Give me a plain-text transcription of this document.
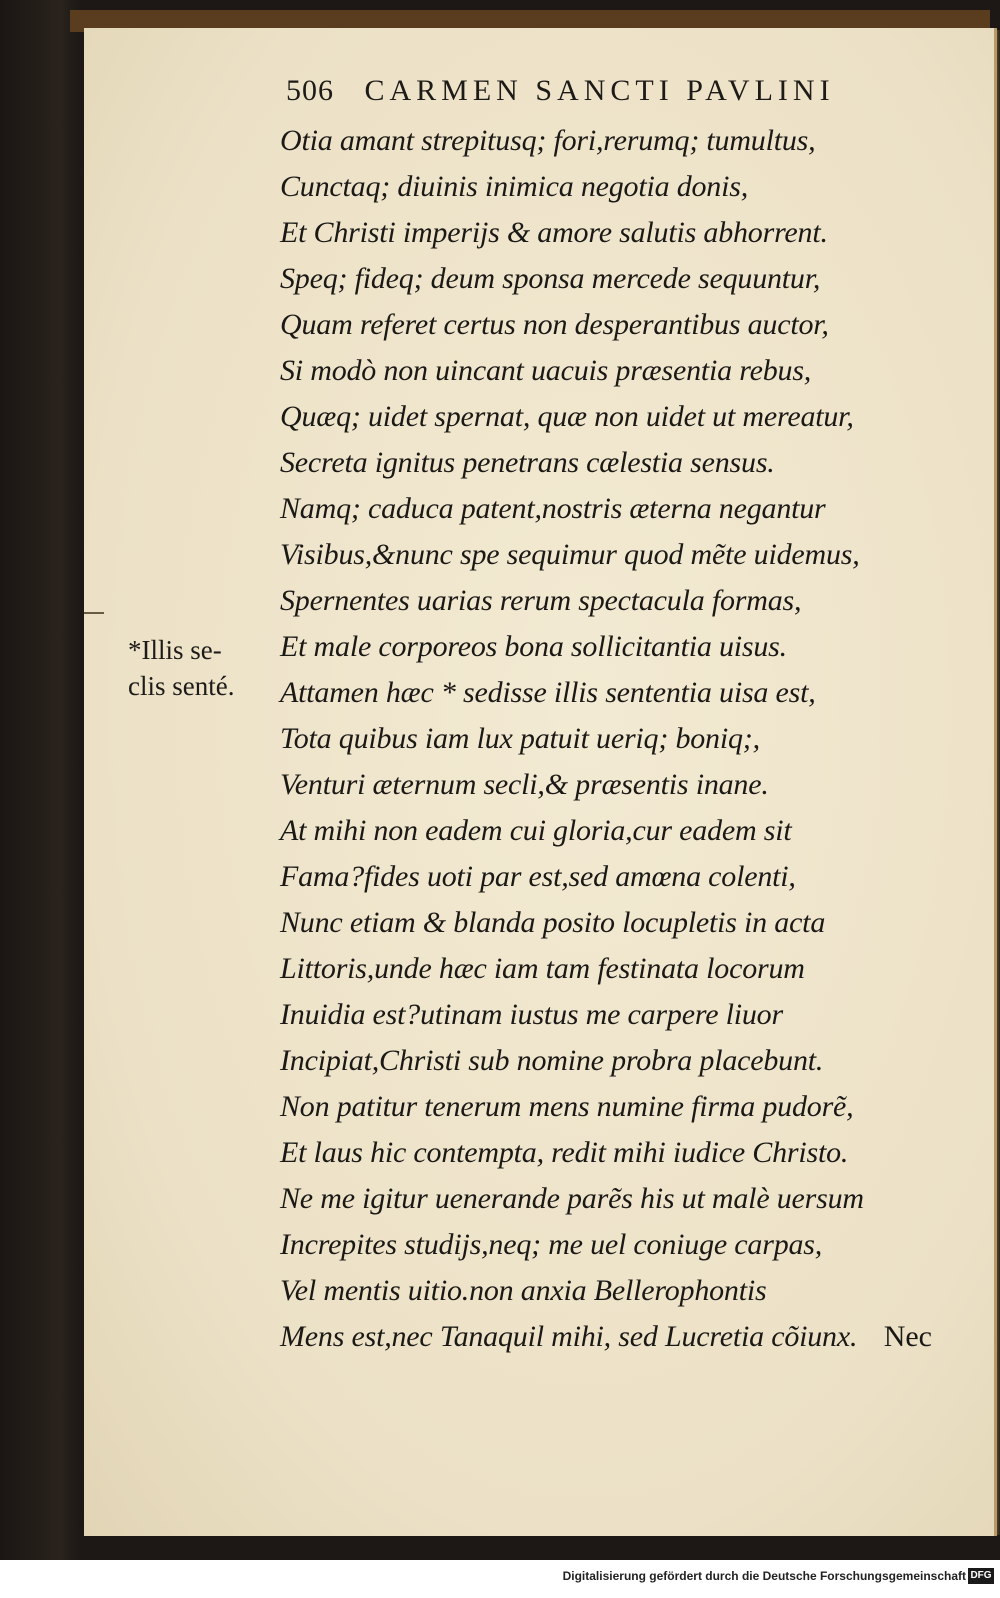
506 CARMEN SANCTI PAVLINI
Otia amant strepitusq; fori,rerumq; tumultus,
Cunctaq; diuinis inimica negotia donis,
Et Christi imperijs & amore salutis abhorrent.
Speq; fideq; deum sponsa mercede sequuntur,
Quam referet certus non desperantibus auctor,
Si modò non uincant uacuis præsentia rebus,
Quæq; uidet spernat, quæ non uidet ut mereatur,
Secreta ignitus penetrans cælestia sensus.
Namq; caduca patent,nostris æterna negantur
Visibus,&nunc spe sequimur quod mẽte uidemus,
Spernentes uarias rerum spectacula formas,
Et male corporeos bona sollicitantia uisus.
Attamen hæc * sedisse illis sententia uisa est,
Tota quibus iam lux patuit ueriq; boniq;,
Venturi æternum secli,& præsentis inane.
At mihi non eadem cui gloria,cur eadem sit
Fama?fides uoti par est,sed amœna colenti,
Nunc etiam & blanda posito locupletis in acta
Littoris,unde hæc iam tam festinata locorum
Inuidia est?utinam iustus me carpere liuor
Incipiat,Christi sub nomine probra placebunt.
Non patitur tenerum mens numine firma pudorẽ,
Et laus hic contempta, redit mihi iudice Christo.
Ne me igitur uenerande parẽs his ut malè uersum
Increpites studijs,neq; me uel coniuge carpas,
Vel mentis uitio.non anxia Bellerophontis
Mens est,nec Tanaquil mihi, sed Lucretia cõiunx.
*Illis se-
clis senté.
Nec
Digitalisierung gefördert durch die Deutsche Forschungsgemeinschaft DFG
